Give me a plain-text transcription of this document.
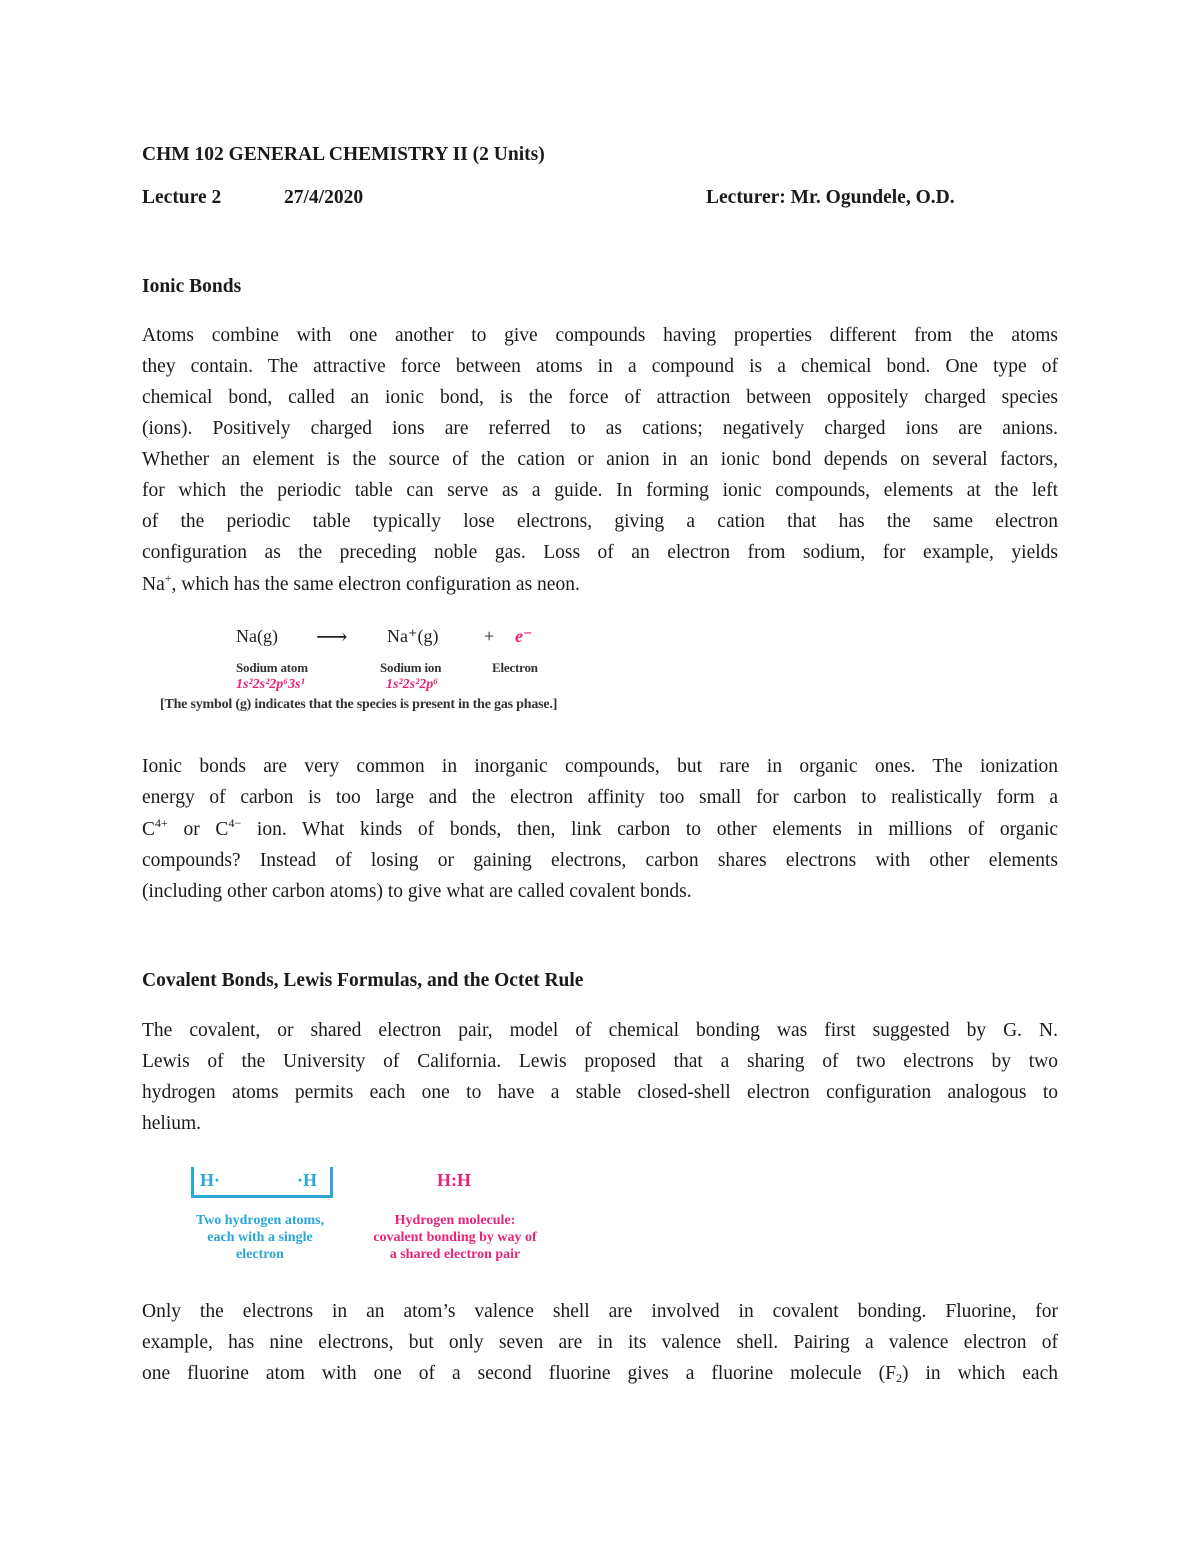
CHM 102 GENERAL CHEMISTRY II (2 Units)
Lecture 2	27/4/2020	Lecturer: Mr. Ogundele, O.D.
Ionic Bonds
Atoms combine with one another to give compounds having properties different from the atoms
they contain. The attractive force between atoms in a compound is a chemical bond. One type of
chemical bond, called an ionic bond, is the force of attraction between oppositely charged species
(ions). Positively charged ions are referred to as cations; negatively charged ions are anions.
Whether an element is the source of the cation or anion in an ionic bond depends on several factors,
for which the periodic table can serve as a guide. In forming ionic compounds, elements at the left
of the periodic table typically lose electrons, giving a cation that has the same electron
configuration as the preceding noble gas. Loss of an electron from sodium, for example, yields
Na+, which has the same electron configuration as neon.
Na(g) ⟶ Na⁺(g)	+ e⁻
Sodium atom	Sodium ion	Electron
1s²2s²2p⁶3s¹	1s²2s²2p⁶
[The symbol (g) indicates that the species is present in the gas phase.]
Ionic bonds are very common in inorganic compounds, but rare in organic ones. The ionization
energy of carbon is too large and the electron affinity too small for carbon to realistically form a
$C^{4+}$ or $C^{4-}$ ion. What kinds of bonds, then, link carbon to other elements in millions of organic
compounds? Instead of losing or gaining electrons, carbon shares electrons with other elements
(including other carbon atoms) to give what are called covalent bonds.
Covalent Bonds, Lewis Formulas, and the Octet Rule
The covalent, or shared electron pair, model of chemical bonding was first suggested by G. N.
Lewis of the University of California. Lewis proposed that a sharing of two electrons by two
hydrogen atoms permits each one to have a stable closed-shell electron configuration analogous to
helium.
H·	·H	H:H
Two hydrogen atoms,
each with a single
electron
Hydrogen molecule:
covalent bonding by way of
a shared electron pair
Only the electrons in an atom’s valence shell are involved in covalent bonding. Fluorine, for
example, has nine electrons, but only seven are in its valence shell. Pairing a valence electron of
one fluorine atom with one of a second fluorine gives a fluorine molecule $(F_2)$ in which each
